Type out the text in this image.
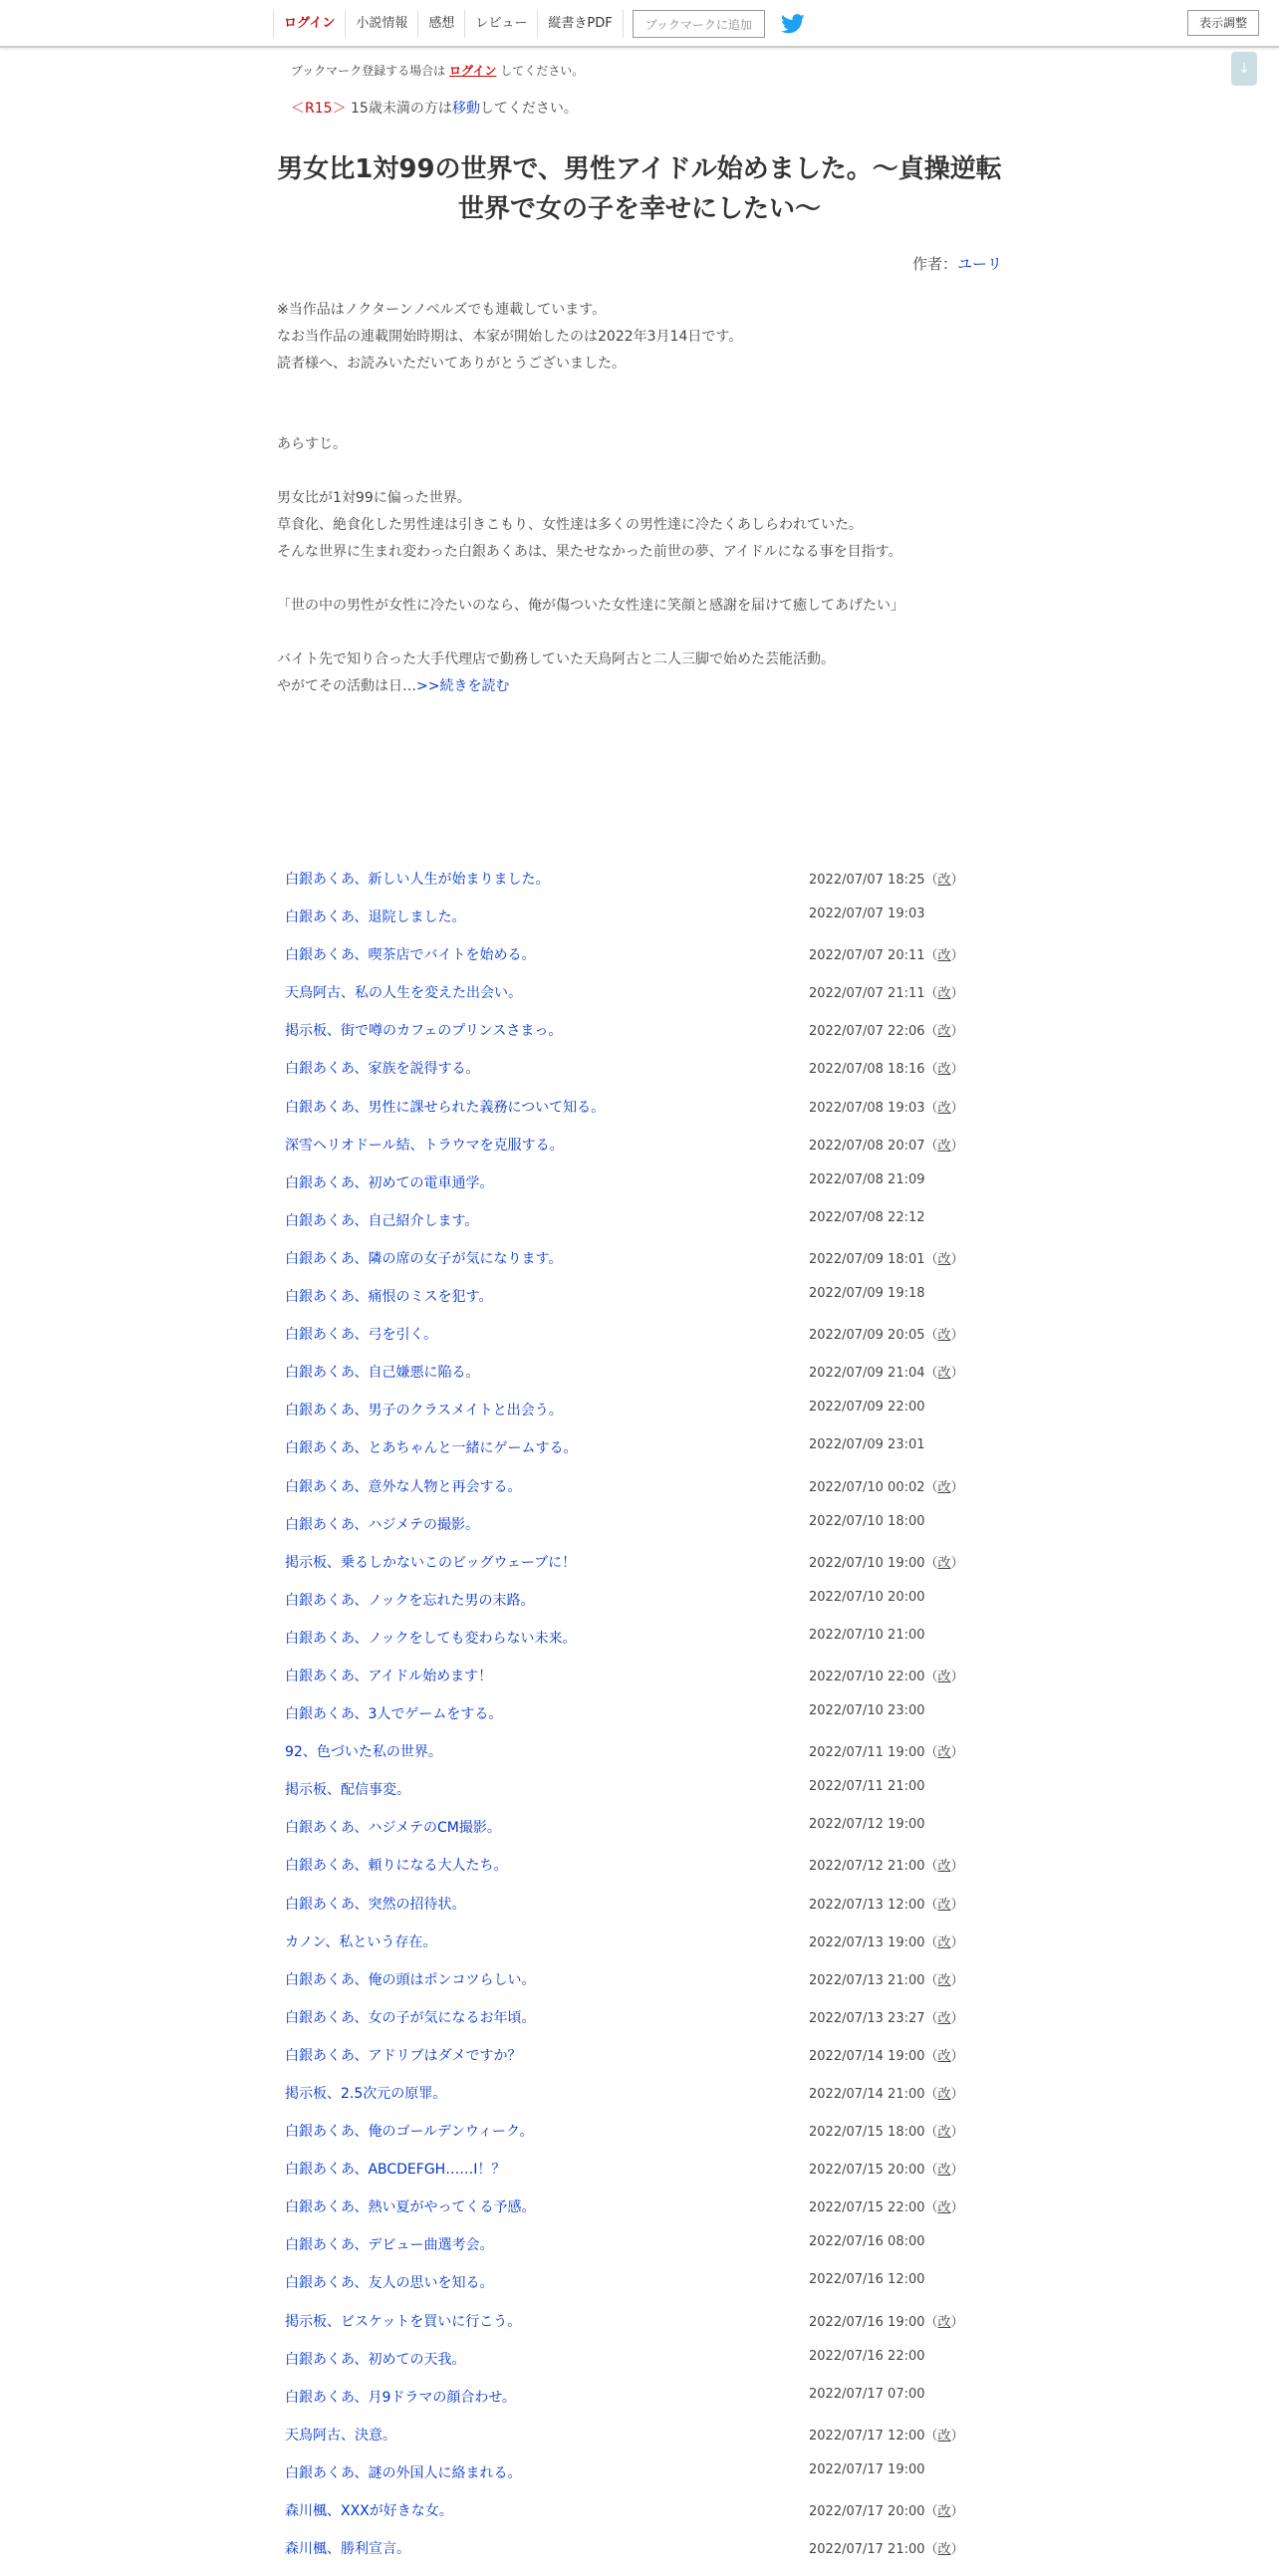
ログイン	小説情報	感想	レビュー	縦書きPDF	ブックマークに追加	表示調整
↓
ブックマーク登録する場合は ログイン してください。
＜R15＞ 15歳未満の方は移動してください。
男女比1対99の世界で、男性アイドル始めました。〜貞操逆転世界で女の子を幸せにしたい〜
作者：ユーリ

※当作品はノクターンノベルズでも連載しています。

なお当作品の連載開始時期は、本家が開始したのは2022年3月14日です。

読者様へ、お読みいただいてありがとうございました。

あらすじ。

男女比が1対99に偏った世界。

草食化、絶食化した男性達は引きこもり、女性達は多くの男性達に冷たくあしらわれていた。

そんな世界に生まれ変わった白銀あくあは、果たせなかった前世の夢、アイドルになる事を目指す。

「世の中の男性が女性に冷たいのなら、俺が傷ついた女性達に笑顔と感謝を届けて癒してあげたい」

バイト先で知り合った大手代理店で勤務していた天鳥阿古と二人三脚で始めた芸能活動。

やがてその活動は日…>>続きを読む

白銀あくあ、新しい人生が始まりました。	2022/07/07 18:25（改）
白銀あくあ、退院しました。	2022/07/07 19:03
白銀あくあ、喫茶店でバイトを始める。	2022/07/07 20:11（改）
天鳥阿古、私の人生を変えた出会い。	2022/07/07 21:11（改）
掲示板、街で噂のカフェのプリンスさまっ。	2022/07/07 22:06（改）
白銀あくあ、家族を説得する。	2022/07/08 18:16（改）
白銀あくあ、男性に課せられた義務について知る。	2022/07/08 19:03（改）
深雪ヘリオドール結、トラウマを克服する。	2022/07/08 20:07（改）
白銀あくあ、初めての電車通学。	2022/07/08 21:09
白銀あくあ、自己紹介します。	2022/07/08 22:12
白銀あくあ、隣の席の女子が気になります。	2022/07/09 18:01（改）
白銀あくあ、痛恨のミスを犯す。	2022/07/09 19:18
白銀あくあ、弓を引く。	2022/07/09 20:05（改）
白銀あくあ、自己嫌悪に陥る。	2022/07/09 21:04（改）
白銀あくあ、男子のクラスメイトと出会う。	2022/07/09 22:00
白銀あくあ、とあちゃんと一緒にゲームする。	2022/07/09 23:01
白銀あくあ、意外な人物と再会する。	2022/07/10 00:02（改）
白銀あくあ、ハジメテの撮影。	2022/07/10 18:00
掲示板、乗るしかないこのビッグウェーブに！	2022/07/10 19:00（改）
白銀あくあ、ノックを忘れた男の末路。	2022/07/10 20:00
白銀あくあ、ノックをしても変わらない未来。	2022/07/10 21:00
白銀あくあ、アイドル始めます！	2022/07/10 22:00（改）
白銀あくあ、3人でゲームをする。	2022/07/10 23:00
92、色づいた私の世界。	2022/07/11 19:00（改）
掲示板、配信事変。	2022/07/11 21:00
白銀あくあ、ハジメテのCM撮影。	2022/07/12 19:00
白銀あくあ、頼りになる大人たち。	2022/07/12 21:00（改）
白銀あくあ、突然の招待状。	2022/07/13 12:00（改）
カノン、私という存在。	2022/07/13 19:00（改）
白銀あくあ、俺の頭はポンコツらしい。	2022/07/13 21:00（改）
白銀あくあ、女の子が気になるお年頃。	2022/07/13 23:27（改）
白銀あくあ、アドリブはダメですか？	2022/07/14 19:00（改）
掲示板、2.5次元の原罪。	2022/07/14 21:00（改）
白銀あくあ、俺のゴールデンウィーク。	2022/07/15 18:00（改）
白銀あくあ、ABCDEFGH……I！？	2022/07/15 20:00（改）
白銀あくあ、熱い夏がやってくる予感。	2022/07/15 22:00（改）
白銀あくあ、デビュー曲選考会。	2022/07/16 08:00
白銀あくあ、友人の思いを知る。	2022/07/16 12:00
掲示板、ビスケットを買いに行こう。	2022/07/16 19:00（改）
白銀あくあ、初めての天我。	2022/07/16 22:00
白銀あくあ、月9ドラマの顔合わせ。	2022/07/17 07:00
天鳥阿古、決意。	2022/07/17 12:00（改）
白銀あくあ、謎の外国人に絡まれる。	2022/07/17 19:00
森川楓、XXXが好きな女。	2022/07/17 20:00（改）
森川楓、勝利宣言。	2022/07/17 21:00（改）
